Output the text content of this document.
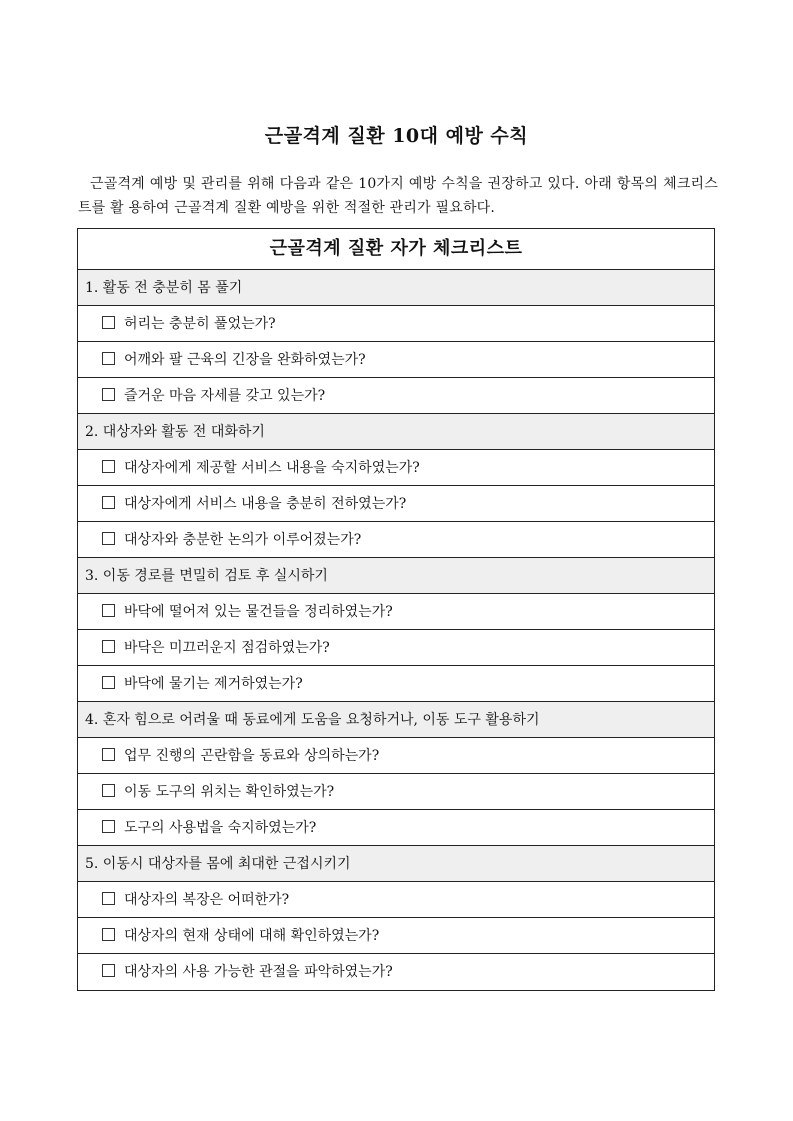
근골격계 질환 10대 예방 수칙
근골격계 예방 및 관리를 위해 다음과 같은 10가지 예방 수칙을 권장하고 있다. 아래 항목의 체크리스트를 활 용하여 근골격계 질환 예방을 위한 적절한 관리가 필요하다.
근골격계 질환 자가 체크리스트
1. 활동 전 충분히 몸 풀기
허리는 충분히 풀었는가?
어깨와 팔 근육의 긴장을 완화하였는가?
즐거운 마음 자세를 갖고 있는가?
2. 대상자와 활동 전 대화하기
대상자에게 제공할 서비스 내용을 숙지하였는가?
대상자에게 서비스 내용을 충분히 전하였는가?
대상자와 충분한 논의가 이루어졌는가?
3. 이동 경로를 면밀히 검토 후 실시하기
바닥에 떨어져 있는 물건들을 정리하였는가?
바닥은 미끄러운지 점검하였는가?
바닥에 물기는 제거하였는가?
4. 혼자 힘으로 어려울 때 동료에게 도움을 요청하거나, 이동 도구 활용하기
업무 진행의 곤란함을 동료와 상의하는가?
이동 도구의 위치는 확인하였는가?
도구의 사용법을 숙지하였는가?
5. 이동시 대상자를 몸에 최대한 근접시키기
대상자의 복장은 어떠한가?
대상자의 현재 상태에 대해 확인하였는가?
대상자의 사용 가능한 관절을 파악하였는가?
